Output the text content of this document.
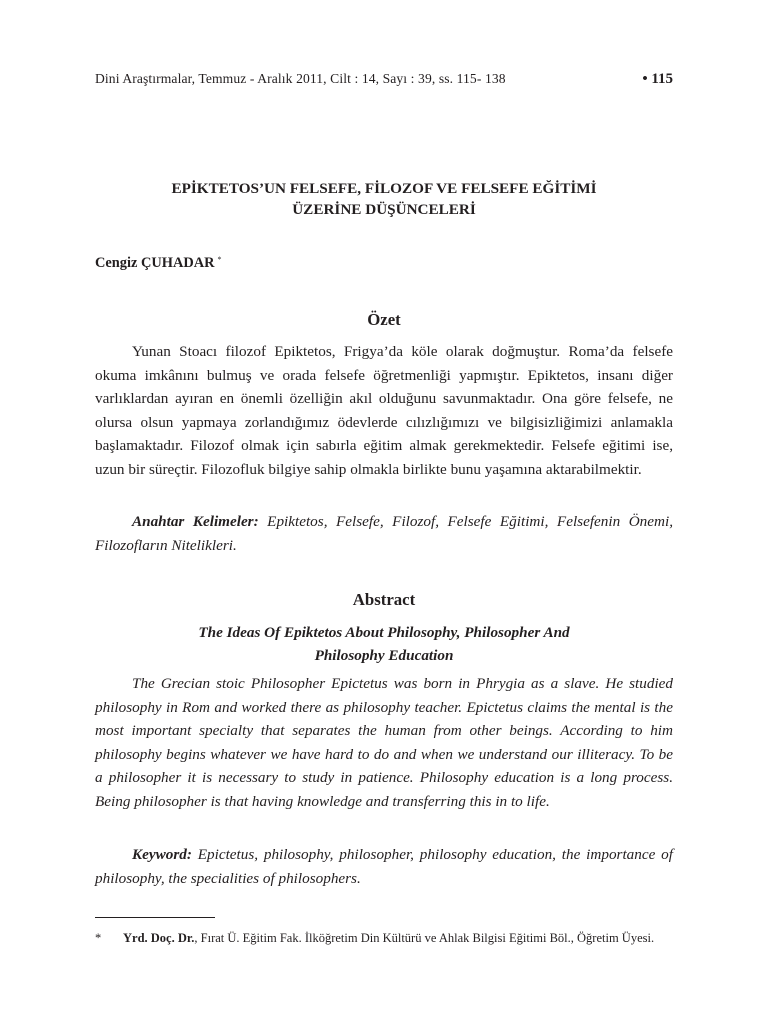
Dini Araştırmalar, Temmuz - Aralık 2011, Cilt : 14, Sayı : 39, ss. 115- 138	• 115
EPİKTETOS’UN FELSEFE, FİLOZOF VE FELSEFE EĞİTİMİ
ÜZERİNE DÜŞÜNCELERİ
Cengiz ÇUHADAR *
Özet

Yunan Stoacı filozof Epiktetos, Frigya’da köle olarak doğmuştur. Roma’da felsefe okuma imkânını bulmuş ve orada felsefe öğretmenliği yapmıştır. Epiktetos, insanı diğer varlıklardan ayıran en önemli özelliğin akıl olduğunu savunmaktadır. Ona göre felsefe, ne olursa olsun yapmaya zorlandığımız ödevlerde cılızlığımızı ve bilgisizliğimizi anlamakla başlamaktadır. Filozof olmak için sabırla eğitim almak gerekmektedir. Felsefe eğitimi ise, uzun bir süreçtir. Filozofluk bilgiye sahip olmakla birlikte bunu yaşamına aktarabilmektir.

Anahtar Kelimeler: Epiktetos, Felsefe, Filozof, Felsefe Eğitimi, Felsefenin Önemi, Filozofların Nitelikleri.

Abstract

The Ideas Of Epiktetos About Philosophy, Philosopher And
Philosophy Education

The Grecian stoic Philosopher Epictetus was born in Phrygia as a slave. He studied philosophy in Rom and worked there as philosophy teacher. Epictetus claims the mental is the most important specialty that separates the human from other beings. According to him philosophy begins whatever we have hard to do and when we understand our illiteracy. To be a philosopher it is necessary to study in patience. Philosophy education is a long process. Being philosopher is that having knowledge and transferring this in to life.

Keyword: Epictetus, philosophy, philosopher, philosophy education, the importance of philosophy, the specialities of philosophers.

*	Yrd. Doç. Dr., Fırat Ü. Eğitim Fak. İlköğretim Din Kültürü ve Ahlak Bilgisi Eğitimi Böl., Öğretim Üyesi.
